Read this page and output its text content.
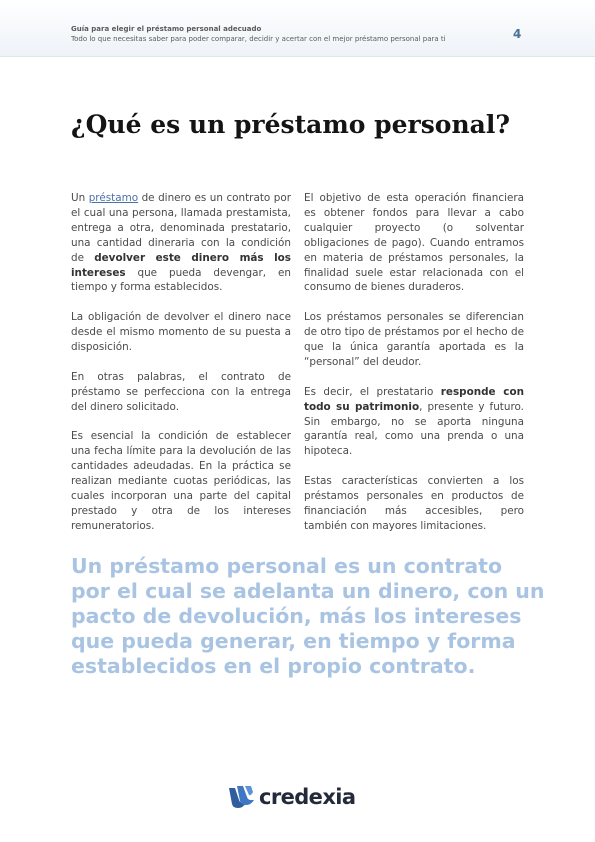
Guía para elegir el préstamo personal adecuado
Todo lo que necesitas saber para poder comparar, decidir y acertar con el mejor préstamo personal para ti	4
¿Qué es un préstamo personal?

Un préstamo de dinero es un contrato por el cual una persona, llamada prestamista, entrega a otra, denominada prestatario, una cantidad dineraria con la condición de devolver este dinero más los intereses que pueda devengar, en tiempo y forma establecidos.

La obligación de devolver el dinero nace desde el mismo momento de su puesta a disposición.

En otras palabras, el contrato de préstamo se perfecciona con la entrega del dinero solicitado.

Es esencial la condición de establecer una fecha límite para la devolución de las cantidades adeudadas. En la práctica se realizan mediante cuotas periódicas, las cuales incorporan una parte del capital prestado y otra de los intereses remuneratorios.

El objetivo de esta operación financiera es obtener fondos para llevar a cabo cualquier proyecto (o solventar obligaciones de pago). Cuando entramos en materia de préstamos personales, la finalidad suele estar relacionada con el consumo de bienes duraderos.

Los préstamos personales se diferencian de otro tipo de préstamos por el hecho de que la única garantía aportada es la “personal” del deudor.

Es decir, el prestatario responde con todo su patrimonio, presente y futuro. Sin embargo, no se aporta ninguna garantía real, como una prenda o una hipoteca.

Estas características convierten a los préstamos personales en productos de financiación más accesibles, pero también con mayores limitaciones.

Un préstamo personal es un contrato
por el cual se adelanta un dinero, con un
pacto de devolución, más los intereses
que pueda generar, en tiempo y forma
establecidos en el propio contrato.
credexia
